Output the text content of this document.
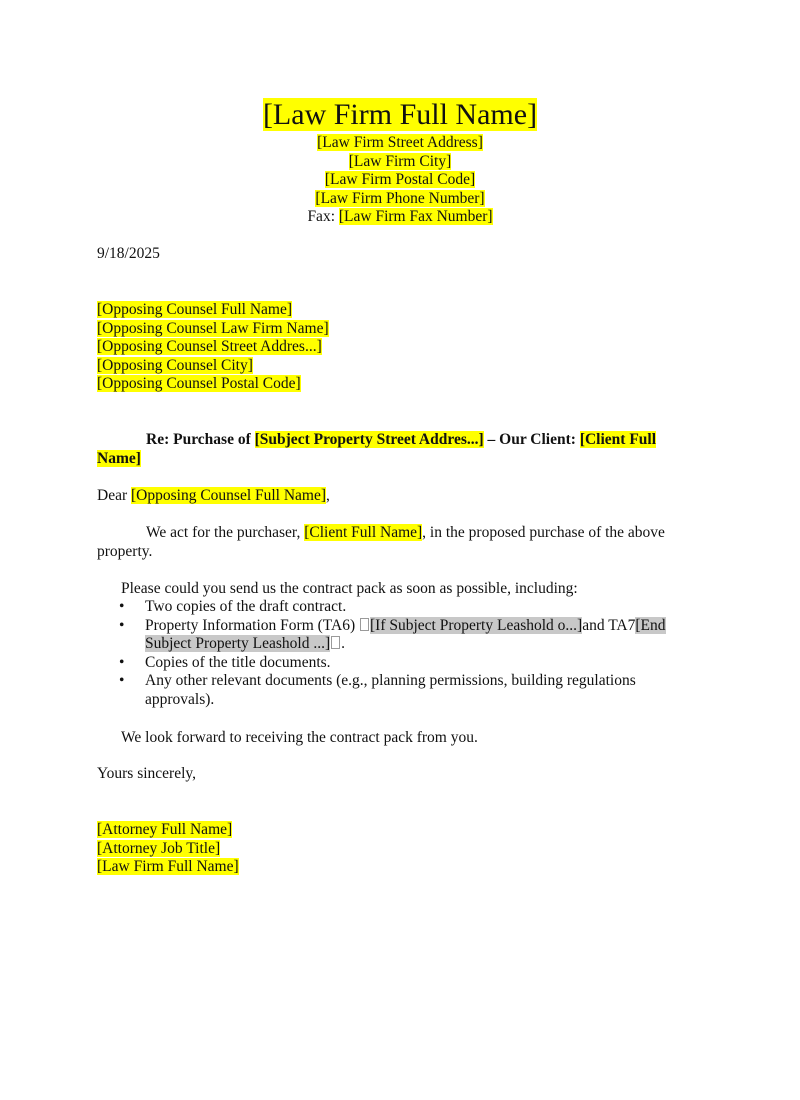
[Law Firm Full Name]
[Law Firm Street Address]
[Law Firm City]
[Law Firm Postal Code]
[Law Firm Phone Number]
Fax: [Law Firm Fax Number]
9/18/2025
[Opposing Counsel Full Name]
[Opposing Counsel Law Firm Name]
[Opposing Counsel Street Addres...]
[Opposing Counsel City]
[Opposing Counsel Postal Code]
Re: Purchase of [Subject Property Street Addres...] – Our Client: [Client Full Name]
Dear [Opposing Counsel Full Name],
We act for the purchaser, [Client Full Name], in the proposed purchase of the above property.
Please could you send us the contract pack as soon as possible, including:
• Two copies of the draft contract.
• Property Information Form (TA6) [If Subject Property Leashold o...]and TA7[End Subject Property Leashold ...] .
• Copies of the title documents.
• Any other relevant documents (e.g., planning permissions, building regulations approvals).
We look forward to receiving the contract pack from you.
Yours sincerely,
[Attorney Full Name]
[Attorney Job Title]
[Law Firm Full Name]
